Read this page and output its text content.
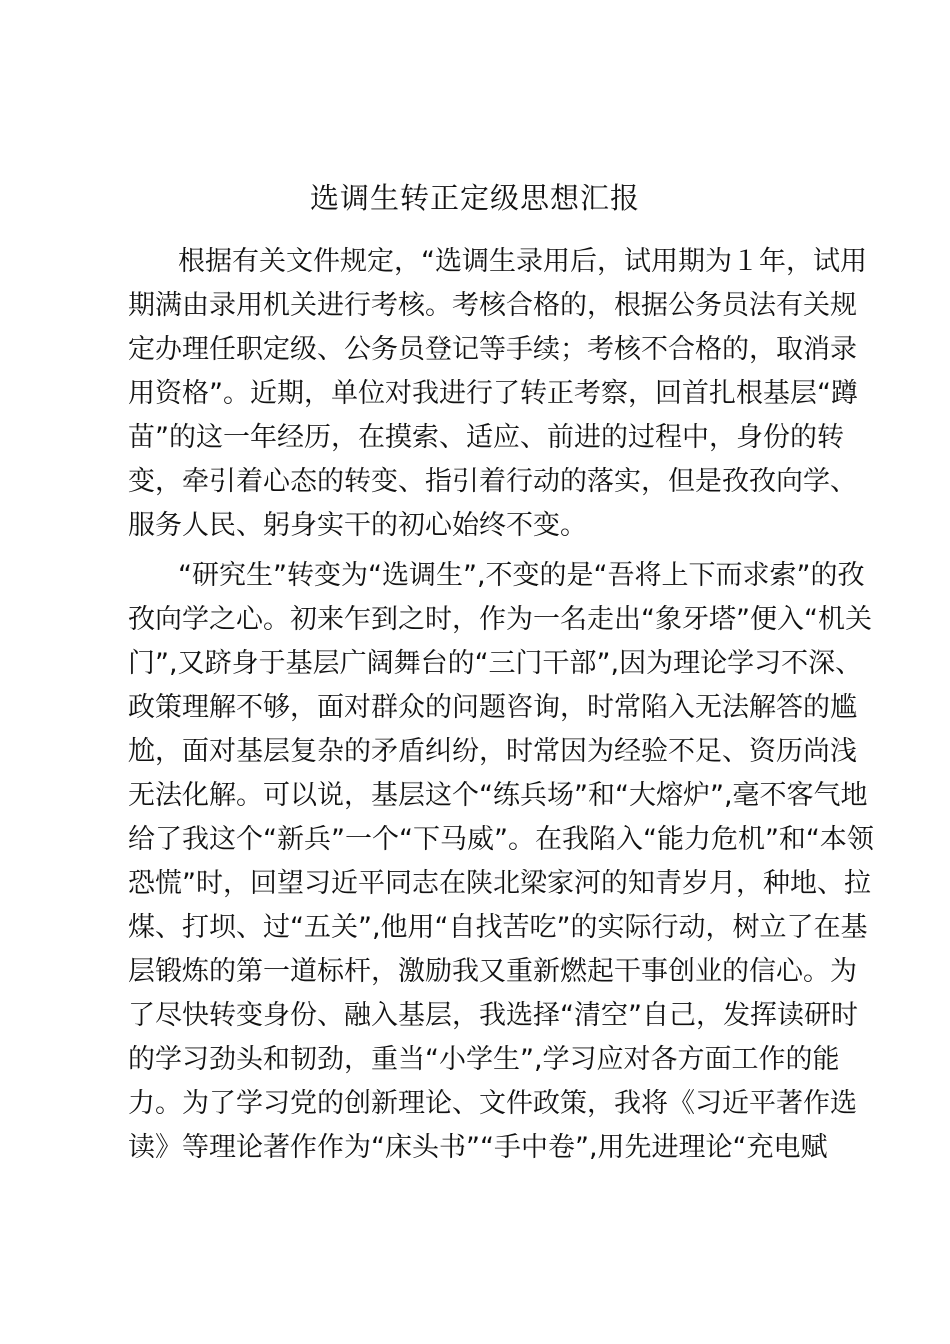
选调生转正定级思想汇报
根据有关文件规定，“选调生录用后，试用期为１年，试用
期满由录用机关进行考核。考核合格的，根据公务员法有关规
定办理任职定级、公务员登记等手续；考核不合格的，取消录
用资格”。近期，单位对我进行了转正考察，回首扎根基层“蹲
苗”的这一年经历，在摸索、适应、前进的过程中，身份的转
变，牵引着心态的转变、指引着行动的落实，但是孜孜向学、
服务人民、躬身实干的初心始终不变。
“研究生”转变为“选调生”,不变的是“吾将上下而求索”的孜
孜向学之心。初来乍到之时，作为一名走出“象牙塔”便入“机关
门”,又跻身于基层广阔舞台的“三门干部”,因为理论学习不深、
政策理解不够，面对群众的问题咨询，时常陷入无法解答的尴
尬，面对基层复杂的矛盾纠纷，时常因为经验不足、资历尚浅
无法化解。可以说，基层这个“练兵场”和“大熔炉”,毫不客气地
给了我这个“新兵”一个“下马威”。在我陷入“能力危机”和“本领
恐慌”时，回望习近平同志在陕北梁家河的知青岁月，种地、拉
煤、打坝、过“五关”,他用“自找苦吃”的实际行动，树立了在基
层锻炼的第一道标杆，激励我又重新燃起干事创业的信心。为
了尽快转变身份、融入基层，我选择“清空”自己，发挥读研时
的学习劲头和韧劲，重当“小学生”,学习应对各方面工作的能
力。为了学习党的创新理论、文件政策，我将《习近平著作选
读》等理论著作作为“床头书”“手中卷”,用先进理论“充电赋
